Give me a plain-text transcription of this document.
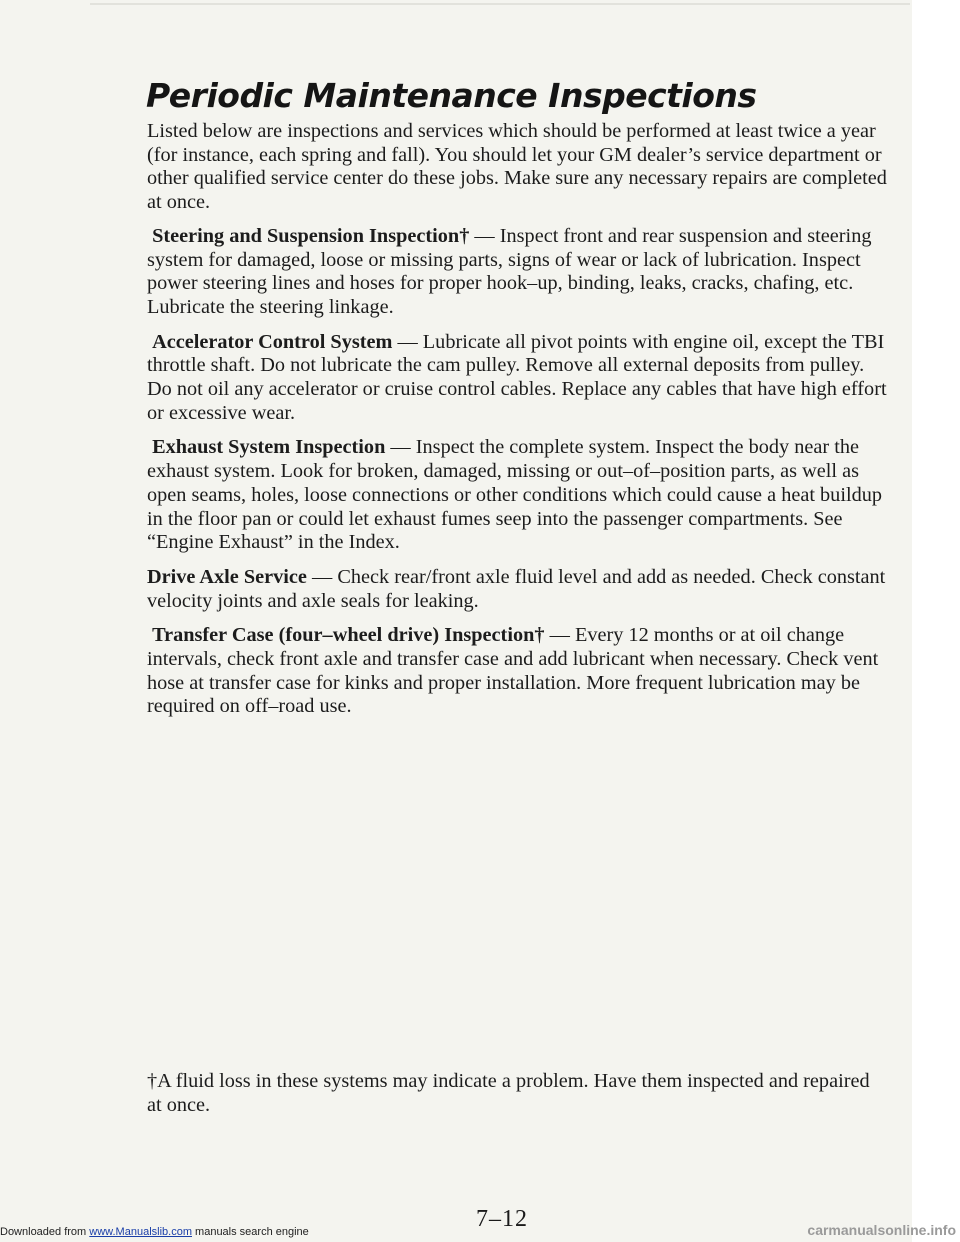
Periodic Maintenance Inspections

Listed below are inspections and services which should be performed at least twice a year (for instance, each spring and fall). You should let your GM dealer’s service department or other qualified service center do these jobs. Make sure any necessary repairs are completed at once.

Steering and Suspension Inspection† — Inspect front and rear suspension and steering system for damaged, loose or missing parts, signs of wear or lack of lubrication. Inspect power steering lines and hoses for proper hook–up, binding, leaks, cracks, chafing, etc. Lubricate the steering linkage.

Accelerator Control System — Lubricate all pivot points with engine oil, except the TBI throttle shaft. Do not lubricate the cam pulley. Remove all external deposits from pulley. Do not oil any accelerator or cruise control cables. Replace any cables that have high effort or excessive wear.

Exhaust System Inspection — Inspect the complete system. Inspect the body near the exhaust system. Look for broken, damaged, missing or out–of–position parts, as well as open seams, holes, loose connections or other conditions which could cause a heat buildup in the floor pan or could let exhaust fumes seep into the passenger compartments. See “Engine Exhaust” in the Index.

Drive Axle Service — Check rear/front axle fluid level and add as needed. Check constant velocity joints and axle seals for leaking.

Transfer Case (four–wheel drive) Inspection† — Every 12 months or at oil change intervals, check front axle and transfer case and add lubricant when necessary. Check vent hose at transfer case for kinks and proper installation. More frequent lubrication may be required on off–road use.

†A fluid loss in these systems may indicate a problem. Have them inspected and repaired at once.

7–12
Downloaded from www.Manualslib.com manuals search engine	carmanualsonline.info
